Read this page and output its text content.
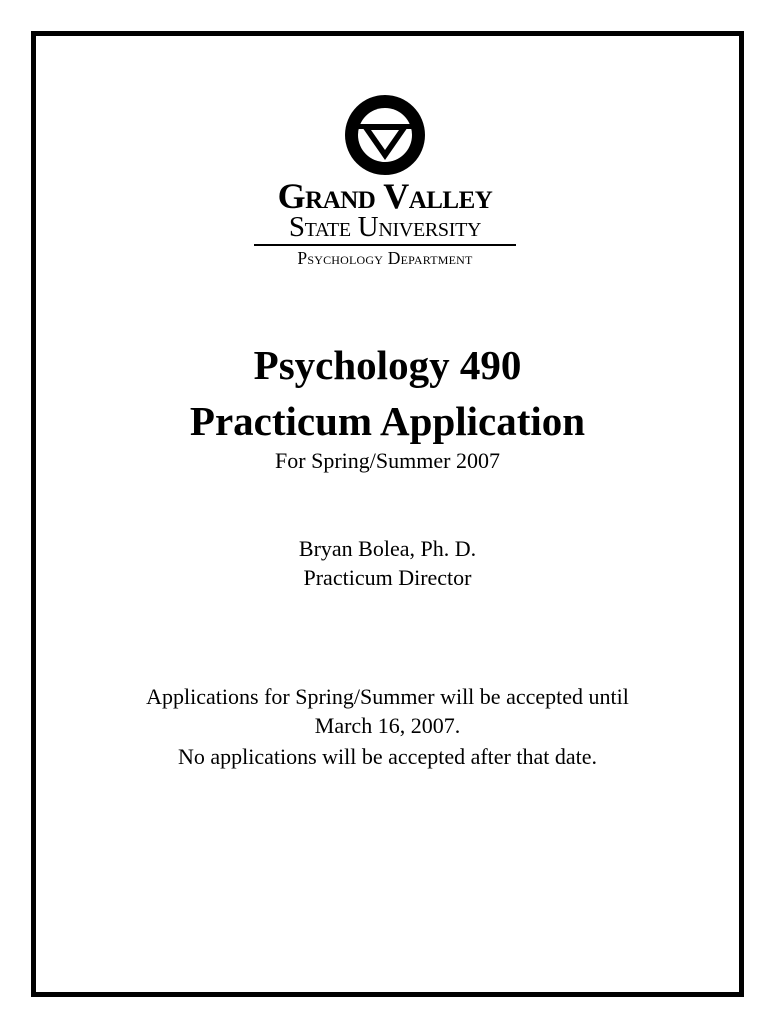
Grand Valley
State University
Psychology Department
Psychology 490
Practicum Application
For Spring/Summer 2007
Bryan Bolea, Ph. D.
Practicum Director
Applications for Spring/Summer will be accepted until
March 16, 2007.
No applications will be accepted after that date.
